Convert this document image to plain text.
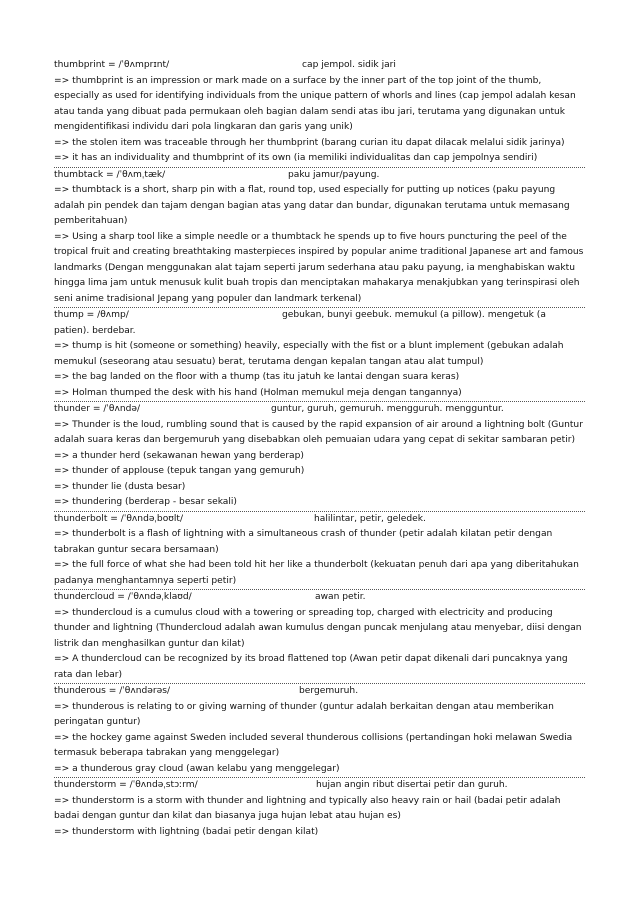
thumbprint = /ˈθʌmprɪnt/	cap jempol. sidik jari
=> thumbprint is an impression or mark made on a surface by the inner part of the top joint of the thumb, especially as used for identifying individuals from the unique pattern of whorls and lines (cap jempol adalah kesan atau tanda yang dibuat pada permukaan oleh bagian dalam sendi atas ibu jari, terutama yang digunakan untuk mengidentifikasi individu dari pola lingkaran dan garis yang unik)
=> the stolen item was traceable through her thumbprint (barang curian itu dapat dilacak melalui sidik jarinya)
=> it has an individuality and thumbprint of its own (ia memiliki individualitas dan cap jempolnya sendiri)
thumbtack = /ˈθʌmˌtæk/	paku jamur/payung.
=> thumbtack is a short, sharp pin with a flat, round top, used especially for putting up notices (paku payung adalah pin pendek dan tajam dengan bagian atas yang datar dan bundar, digunakan terutama untuk memasang pemberitahuan)
=> Using a sharp tool like a simple needle or a thumbtack he spends up to five hours puncturing the peel of the tropical fruit and creating breathtaking masterpieces inspired by popular anime traditional Japanese art and famous landmarks (Dengan menggunakan alat tajam seperti jarum sederhana atau paku payung, ia menghabiskan waktu hingga lima jam untuk menusuk kulit buah tropis dan menciptakan mahakarya menakjubkan yang terinspirasi oleh seni anime tradisional Jepang yang populer dan landmark terkenal)
thump = /θʌmp/	gebukan, bunyi geebuk. memukul (a pillow). mengetuk (a
patien). berdebar.
=> thump is hit (someone or something) heavily, especially with the fist or a blunt implement (gebukan adalah memukul (seseorang atau sesuatu) berat, terutama dengan kepalan tangan atau alat tumpul)
=> the bag landed on the floor with a thump (tas itu jatuh ke lantai dengan suara keras)
=> Holman thumped the desk with his hand (Holman memukul meja dengan tangannya)
thunder = /ˈθʌndə/	guntur, guruh, gemuruh. mengguruh. mengguntur.
=> Thunder is the loud, rumbling sound that is caused by the rapid expansion of air around a lightning bolt (Guntur adalah suara keras dan bergemuruh yang disebabkan oleh pemuaian udara yang cepat di sekitar sambaran petir)
=> a thunder herd (sekawanan hewan yang berderap)
=> thunder of applouse (tepuk tangan yang gemuruh)
=> thunder lie (dusta besar)
=> thundering (berderap - besar sekali)
thunderbolt = /ˈθʌndəˌboʊlt/	halilintar, petir, geledek.
=> thunderbolt is a flash of lightning with a simultaneous crash of thunder (petir adalah kilatan petir dengan tabrakan guntur secara bersamaan)
=> the full force of what she had been told hit her like a thunderbolt (kekuatan penuh dari apa yang diberitahukan padanya menghantamnya seperti petir)
thundercloud = /ˈθʌndəˌklaʊd/	awan petir.
=> thundercloud is a cumulus cloud with a towering or spreading top, charged with electricity and producing thunder and lightning (Thundercloud adalah awan kumulus dengan puncak menjulang atau menyebar, diisi dengan listrik dan menghasilkan guntur dan kilat)
=> A thundercloud can be recognized by its broad flattened top (Awan petir dapat dikenali dari puncaknya yang rata dan lebar)
thunderous = /ˈθʌndərəs/	bergemuruh.
=> thunderous is relating to or giving warning of thunder (guntur adalah berkaitan dengan atau memberikan peringatan guntur)
=> the hockey game against Sweden included several thunderous collisions (pertandingan hoki melawan Swedia termasuk beberapa tabrakan yang menggelegar)
=> a thunderous gray cloud (awan kelabu yang menggelegar)
thunderstorm = /ˈθʌndəˌstɔːrm/	hujan angin ribut disertai petir dan guruh.
=> thunderstorm is a storm with thunder and lightning and typically also heavy rain or hail (badai petir adalah badai dengan guntur dan kilat dan biasanya juga hujan lebat atau hujan es)
=> thunderstorm with lightning (badai petir dengan kilat)
